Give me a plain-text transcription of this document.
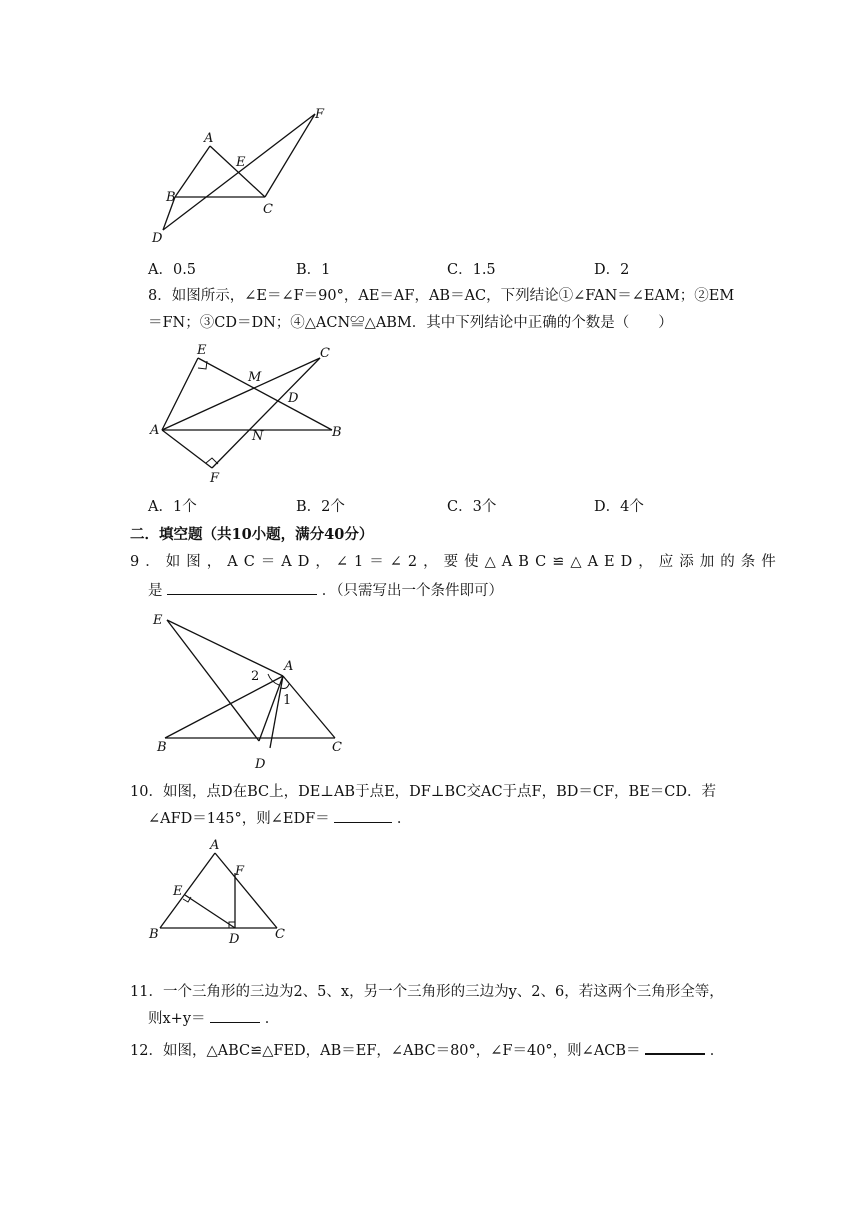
A
E
F
B
C
D
A．0.5	B．1	C．1.5	D．2
8．如图所示，∠E＝∠F＝90°，AE＝AF，AB＝AC，下列结论①∠FAN＝∠EAM；②EM
＝FN；③CD＝DN；④△ACN≌△ABM．其中下列结论中正确的个数是（　　）
E	C
M
D
A	N	B
F
A．1个	B．2个	C．3个	D．4个
二．填空题（共10小题，满分40分）
9．如图，AC＝AD，∠1＝∠2，要使△ABC≌△AED，应添加的条件
是	．（只需写出一个条件即可）
E
A
2
1
B	C
D
10．如图，点D在BC上，DE⊥AB于点E，DF⊥BC交AC于点F，BD＝CF，BE＝CD．若
∠AFD＝145°，则∠EDF＝	．
A
F
E
B	D	C
11．一个三角形的三边为2、5、x，另一个三角形的三边为y、2、6，若这两个三角形全等，
则x+y＝	．
12．如图，△ABC≌△FED，AB＝EF，∠ABC＝80°，∠F＝40°，则∠ACB＝	．
